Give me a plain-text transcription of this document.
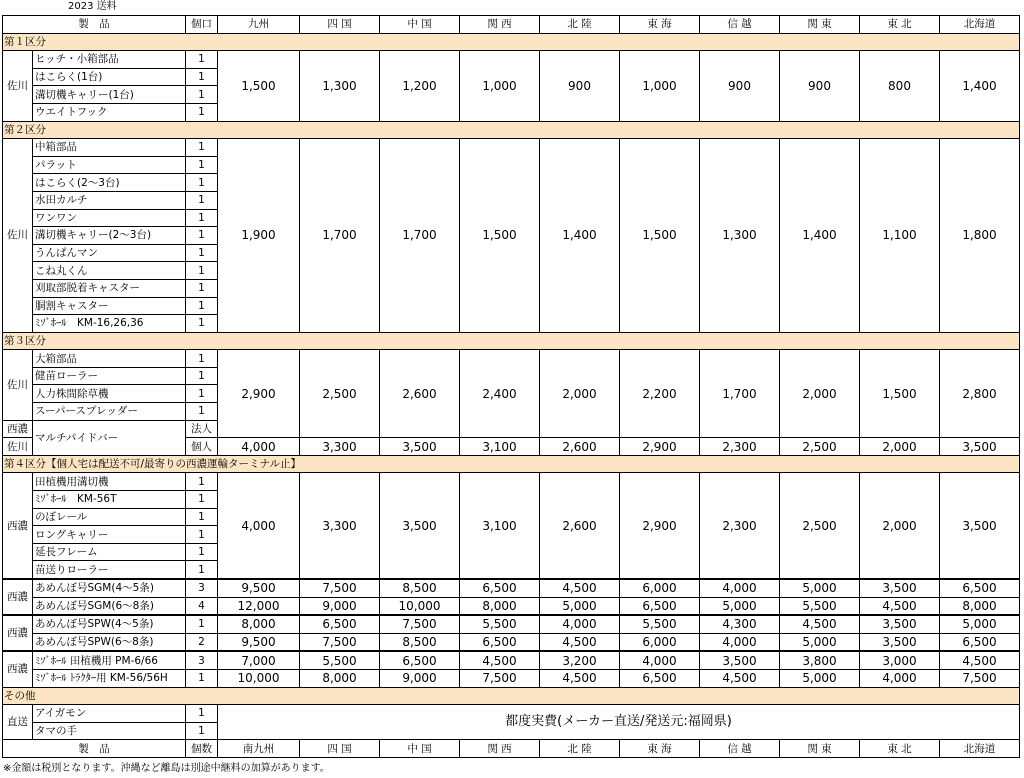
2023 送料
製　品		個口	九州	四 国	中 国	関 西	北 陸	東 海	信 越	関 東	東 北	北海道
第１区分												
佐川	ヒッチ・小箱部品	1	1,500	1,300	1,200	1,000	900	1,000	900	900	800	1,400
	はこらく(1台)	1										
	溝切機キャリー(1台)	1										
	ウエイトフック	1										
第２区分												
佐川	中箱部品	1	1,900	1,700	1,700	1,500	1,400	1,500	1,300	1,400	1,100	1,800
	パラット	1										
	はこらく(2～3台)	1										
	水田カルチ	1										
	ワンワン	1										
	溝切機キャリー(2～3台)	1										
	うんぱんマン	1										
	こね丸くん	1										
	刈取部脱着キャスター	1										
	胴割キャスター	1										
	ﾐｿﾞﾎｰﾙ　KM-16,26,36	1										
第３区分												
佐川	大箱部品	1	2,900	2,500	2,600	2,400	2,000	2,200	1,700	2,000	1,500	2,800
	健苗ローラー	1										
	人力株間除草機	1										
	スーパースプレッダー	1										
西濃	マルチパイドバー	法人										
佐川		個人	4,000	3,300	3,500	3,100	2,600	2,900	2,300	2,500	2,000	3,500
第４区分【個人宅は配送不可/最寄りの西濃運輸ターミナル止】												
西濃	田植機用溝切機	1	4,000	3,300	3,500	3,100	2,600	2,900	2,300	2,500	2,000	3,500
	ﾐｿﾞﾎｰﾙ　KM-56T	1										
	のぼレール	1										
	ロングキャリー	1										
	延長フレーム	1										
	苗送りローラー	1										
西濃	あめんぼ号SGM(4～5条)	3	9,500	7,500	8,500	6,500	4,500	6,000	4,000	5,000	3,500	6,500
	あめんぼ号SGM(6～8条)	4	12,000	9,000	10,000	8,000	5,000	6,500	5,000	5,500	4,500	8,000
西濃	あめんぼ号SPW(4～5条)	1	8,000	6,500	7,500	5,500	4,000	5,500	4,300	4,500	3,500	5,000
	あめんぼ号SPW(6～8条)	2	9,500	7,500	8,500	6,500	4,500	6,000	4,000	5,000	3,500	6,500
西濃	ﾐｿﾞﾎｰﾙ 田植機用 PM-6/66	3	7,000	5,500	6,500	4,500	3,200	4,000	3,500	3,800	3,000	4,500
	ﾐｿﾞﾎｰﾙ ﾄﾗｸﾀｰ用 KM-56/56H	1	10,000	8,000	9,000	7,500	4,500	6,500	4,500	5,000	4,000	7,500
その他												
直送	アイガモン	1	都度実費(メーカー直送/発送元:福岡県)									
	タマの手	1										
製　品		個数	南九州	四 国	中 国	関 西	北 陸	東 海	信 越	関 東	東 北	北海道
※金額は税別となります。沖縄など離島は別途中継料の加算があります。
